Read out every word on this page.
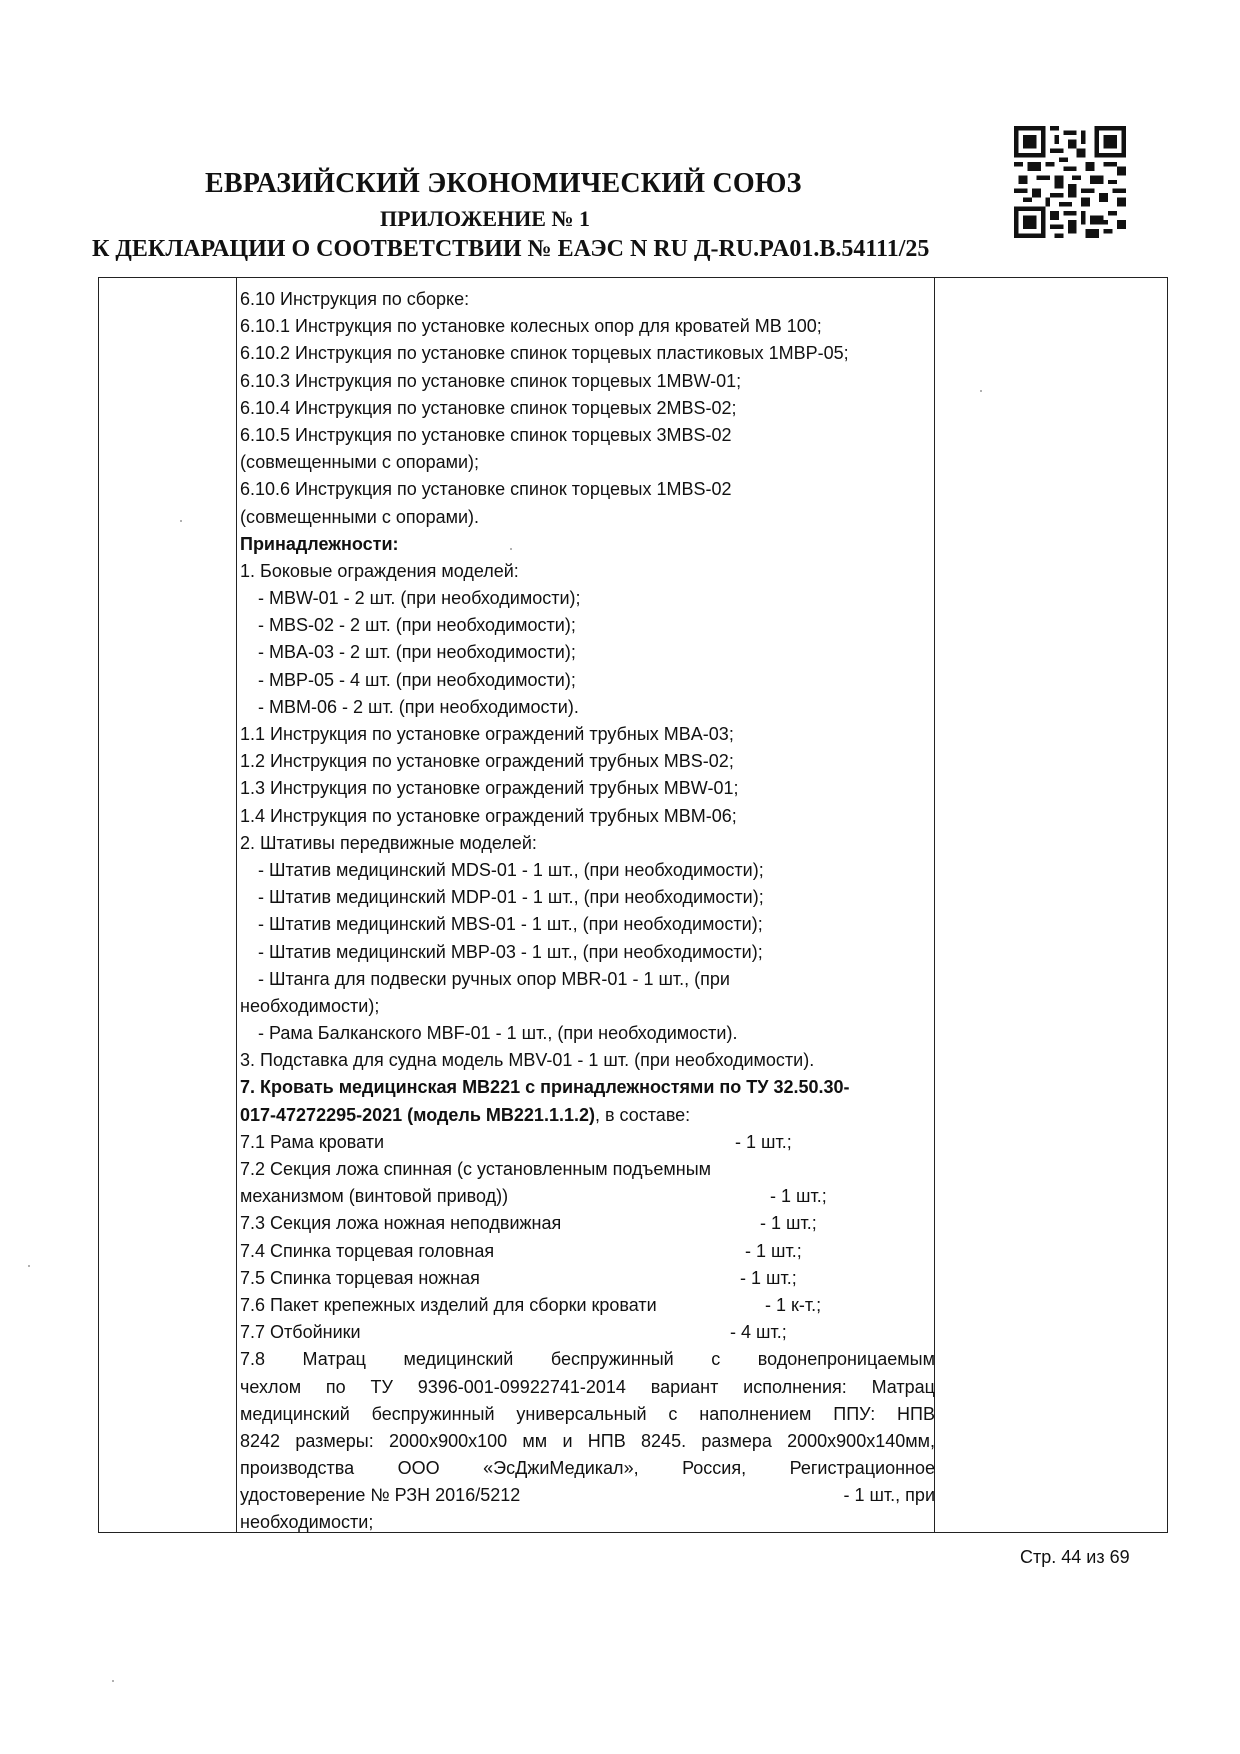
ЕВРАЗИЙСКИЙ ЭКОНОМИЧЕСКИЙ СОЮЗ
ПРИЛОЖЕНИЕ № 1
К ДЕКЛАРАЦИИ О СООТВЕТСТВИИ № ЕАЭС N RU Д-RU.PA01.B.54111/25
6.10 Инструкция по сборке:
6.10.1 Инструкция по установке колесных опор для кроватей МВ 100;
6.10.2 Инструкция по установке спинок торцевых пластиковых 1MBP-05;
6.10.3 Инструкция по установке спинок торцевых 1MBW-01;
6.10.4 Инструкция по установке спинок торцевых 2MBS-02;
6.10.5 Инструкция по установке спинок торцевых 3MBS-02
(совмещенными с опорами);
6.10.6 Инструкция по установке спинок торцевых 1MBS-02
(совмещенными с опорами).
Принадлежности:
1. Боковые ограждения моделей:
- MBW-01 - 2 шт. (при необходимости);
- MBS-02 - 2 шт. (при необходимости);
- MBA-03 - 2 шт. (при необходимости);
- MBP-05 - 4 шт. (при необходимости);
- MBM-06 - 2 шт. (при необходимости).
1.1 Инструкция по установке ограждений трубных MBA-03;
1.2 Инструкция по установке ограждений трубных MBS-02;
1.3 Инструкция по установке ограждений трубных MBW-01;
1.4 Инструкция по установке ограждений трубных MBM-06;
2. Штативы передвижные моделей:
- Штатив медицинский MDS-01 - 1 шт., (при необходимости);
- Штатив медицинский MDP-01 - 1 шт., (при необходимости);
- Штатив медицинский MBS-01 - 1 шт., (при необходимости);
- Штатив медицинский MBP-03 - 1 шт., (при необходимости);
- Штанга для подвески ручных опор MBR-01 - 1 шт., (при
необходимости);
- Рама Балканского MBF-01 - 1 шт., (при необходимости).
3. Подставка для судна модель MBV-01 - 1 шт. (при необходимости).
7. Кровать медицинская MB221 с принадлежностями по ТУ 32.50.30-
017-47272295-2021 (модель MB221.1.1.2), в составе:
7.1 Рама кровати	- 1 шт.;
7.2 Секция ложа спинная (с установленным подъемным
механизмом (винтовой привод))	- 1 шт.;
7.3 Секция ложа ножная неподвижная	- 1 шт.;
7.4 Спинка торцевая головная	- 1 шт.;
7.5 Спинка торцевая ножная	- 1 шт.;
7.6 Пакет крепежных изделий для сборки кровати	- 1 к-т.;
7.7 Отбойники	- 4 шт.;
7.8 Матрац медицинский беспружинный с водонепроницаемым
чехлом по ТУ 9396-001-09922741-2014 вариант исполнения: Матрац
медицинский беспружинный универсальный с наполнением ППУ: НПВ
8242 размеры: 2000х900х100 мм и НПВ 8245. размера 2000х900х140мм,
производства ООО «ЭсДжиМедикал», Россия, Регистрационное
удостоверение № РЗН 2016/5212	- 1 шт., при
необходимости;
Стр. 44 из 69
